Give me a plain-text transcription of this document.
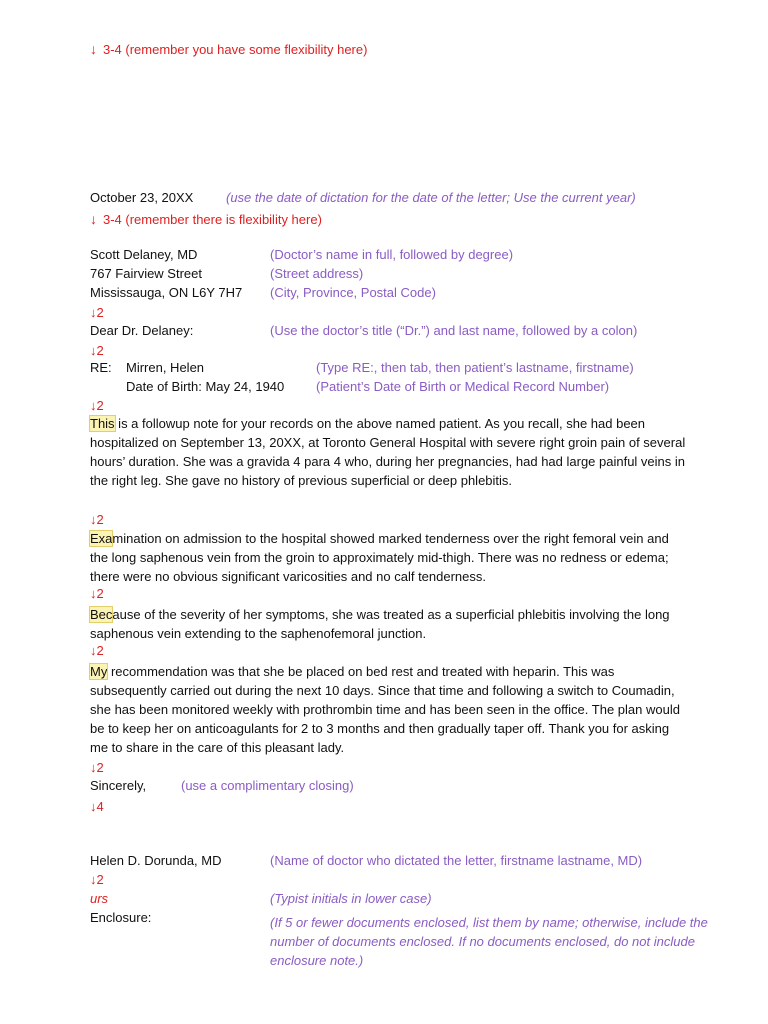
↓ 3-4 (remember you have some flexibility here)
October 23, 20XX	(use the date of dictation for the date of the letter; Use the current year)
↓ 3-4 (remember there is flexibility here)
Scott Delaney, MD	(Doctor’s name in full, followed by degree)
767 Fairview Street	(Street address)
Mississauga, ON L6Y 7H7 (City, Province, Postal Code)
↓2
Dear Dr. Delaney:	(Use the doctor’s title (“Dr.”) and last name, followed by a colon)
↓2
RE: Mirren, Helen	(Type RE:, then tab, then patient’s lastname, firstname)
Date of Birth: May 24, 1940 (Patient’s Date of Birth or Medical Record Number)
↓2

This is a followup note for your records on the above named patient. As you recall, she had been hospitalized on September 13, 20XX, at Toronto General Hospital with severe right groin pain of several hours’ duration. She was a gravida 4 para 4 who, during her pregnancies, had had large painful veins in the right leg. She gave no history of previous superficial or deep phlebitis.

↓2

Examination on admission to the hospital showed marked tenderness over the right femoral vein and the long saphenous vein from the groin to approximately mid-thigh. There was no redness or edema; there were no obvious significant varicosities and no calf tenderness.

↓2

Because of the severity of her symptoms, she was treated as a superficial phlebitis involving the long saphenous vein extending to the saphenofemoral junction.

↓2

My recommendation was that she be placed on bed rest and treated with heparin. This was subsequently carried out during the next 10 days. Since that time and following a switch to Coumadin, she has been monitored weekly with prothrombin time and has been seen in the office. The plan would be to keep her on anticoagulants for 2 to 3 months and then gradually taper off. Thank you for asking me to share in the care of this pleasant lady.

↓2
Sincerely,	(use a complimentary closing)
↓4
Helen D. Dorunda, MD	(Name of doctor who dictated the letter, firstname lastname, MD)
↓2
urs	(Typist initials in lower case)
Enclosure:	(If 5 or fewer documents enclosed, list them by name; otherwise, include the
number of documents enclosed. If no documents enclosed, do not include
enclosure note.)
